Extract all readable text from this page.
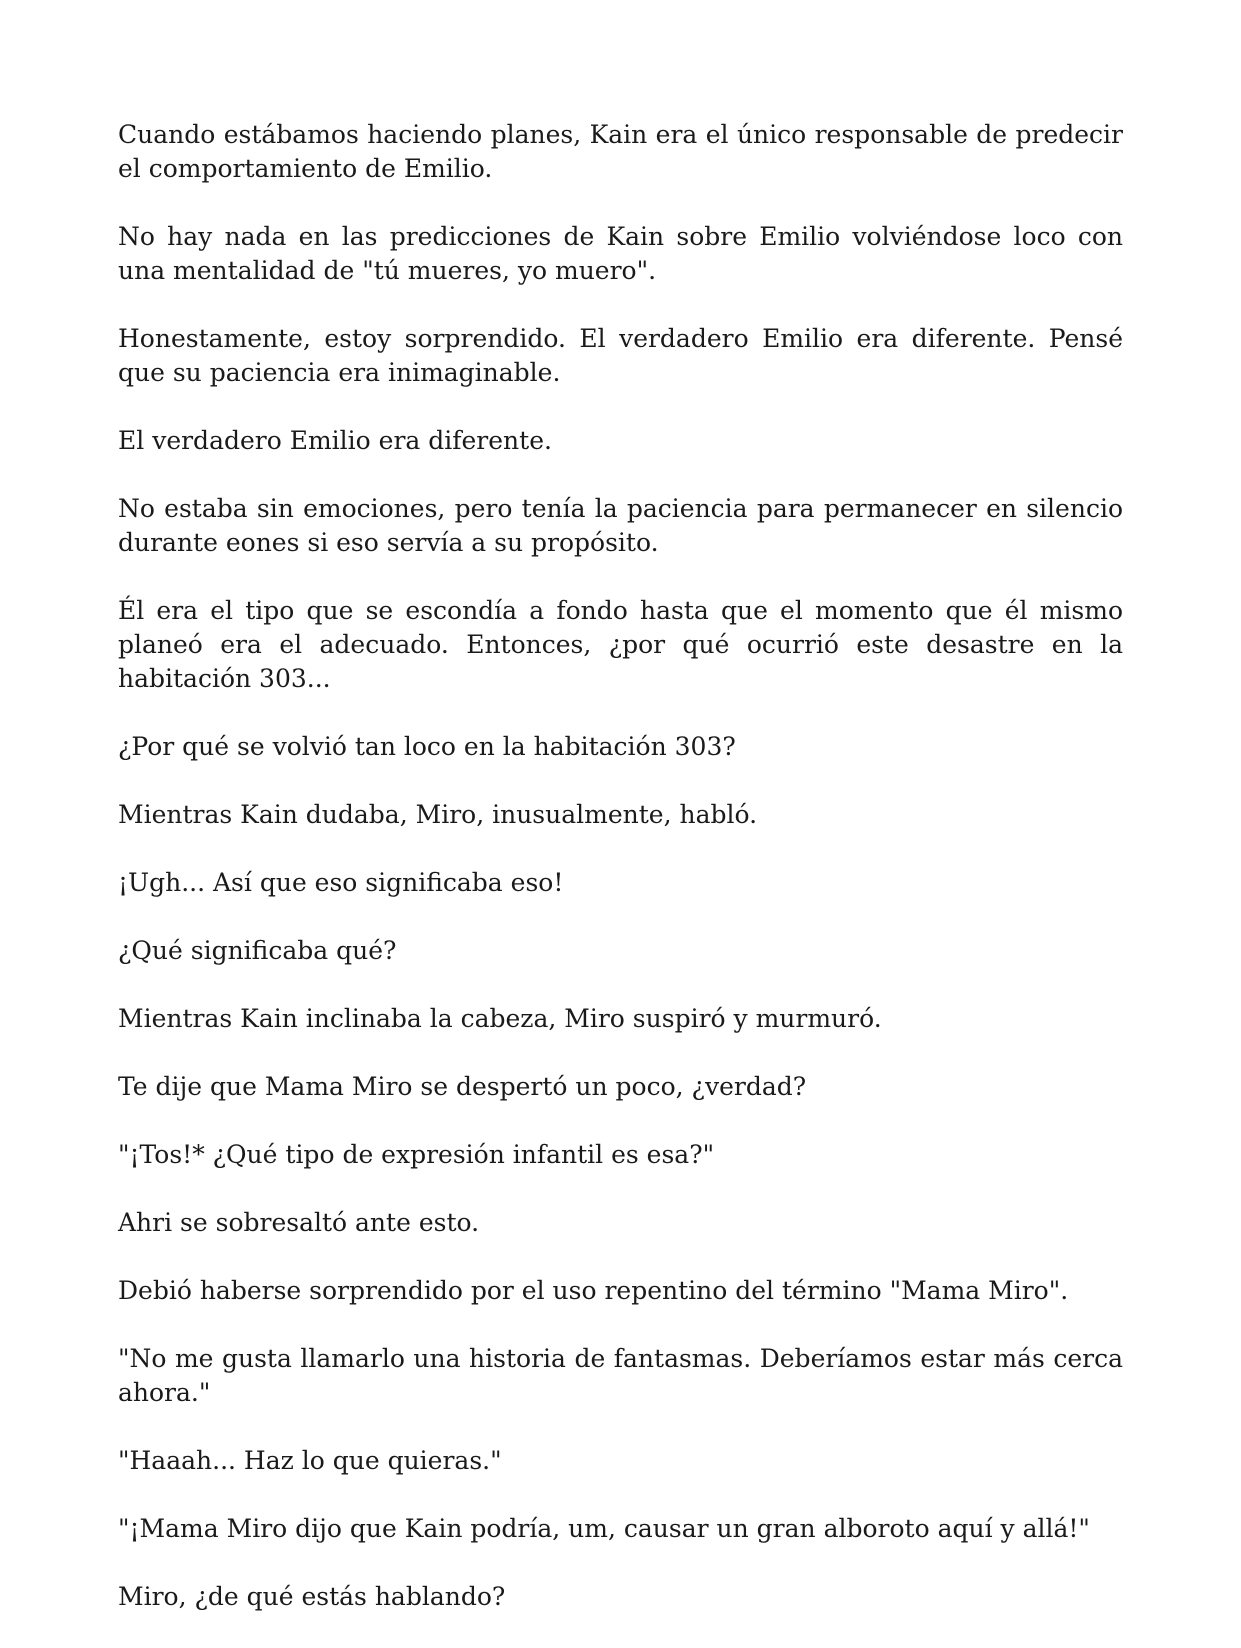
Cuando estábamos haciendo planes, Kain era el único responsable de predecir el comportamiento de Emilio.

No hay nada en las predicciones de Kain sobre Emilio volviéndose loco con una mentalidad de "tú mueres, yo muero".

Honestamente, estoy sorprendido. El verdadero Emilio era diferente. Pensé que su paciencia era inimaginable.

El verdadero Emilio era diferente.

No estaba sin emociones, pero tenía la paciencia para permanecer en silencio durante eones si eso servía a su propósito.

Él era el tipo que se escondía a fondo hasta que el momento que él mismo planeó era el adecuado. Entonces, ¿por qué ocurrió este desastre en la habitación 303...

¿Por qué se volvió tan loco en la habitación 303?

Mientras Kain dudaba, Miro, inusualmente, habló.

¡Ugh... Así que eso significaba eso!

¿Qué significaba qué?

Mientras Kain inclinaba la cabeza, Miro suspiró y murmuró.

Te dije que Mama Miro se despertó un poco, ¿verdad?

"¡Tos!* ¿Qué tipo de expresión infantil es esa?"

Ahri se sobresaltó ante esto.

Debió haberse sorprendido por el uso repentino del término "Mama Miro".

"No me gusta llamarlo una historia de fantasmas. Deberíamos estar más cerca ahora."

"Haaah... Haz lo que quieras."

"¡Mama Miro dijo que Kain podría, um, causar un gran alboroto aquí y allá!"

Miro, ¿de qué estás hablando?
